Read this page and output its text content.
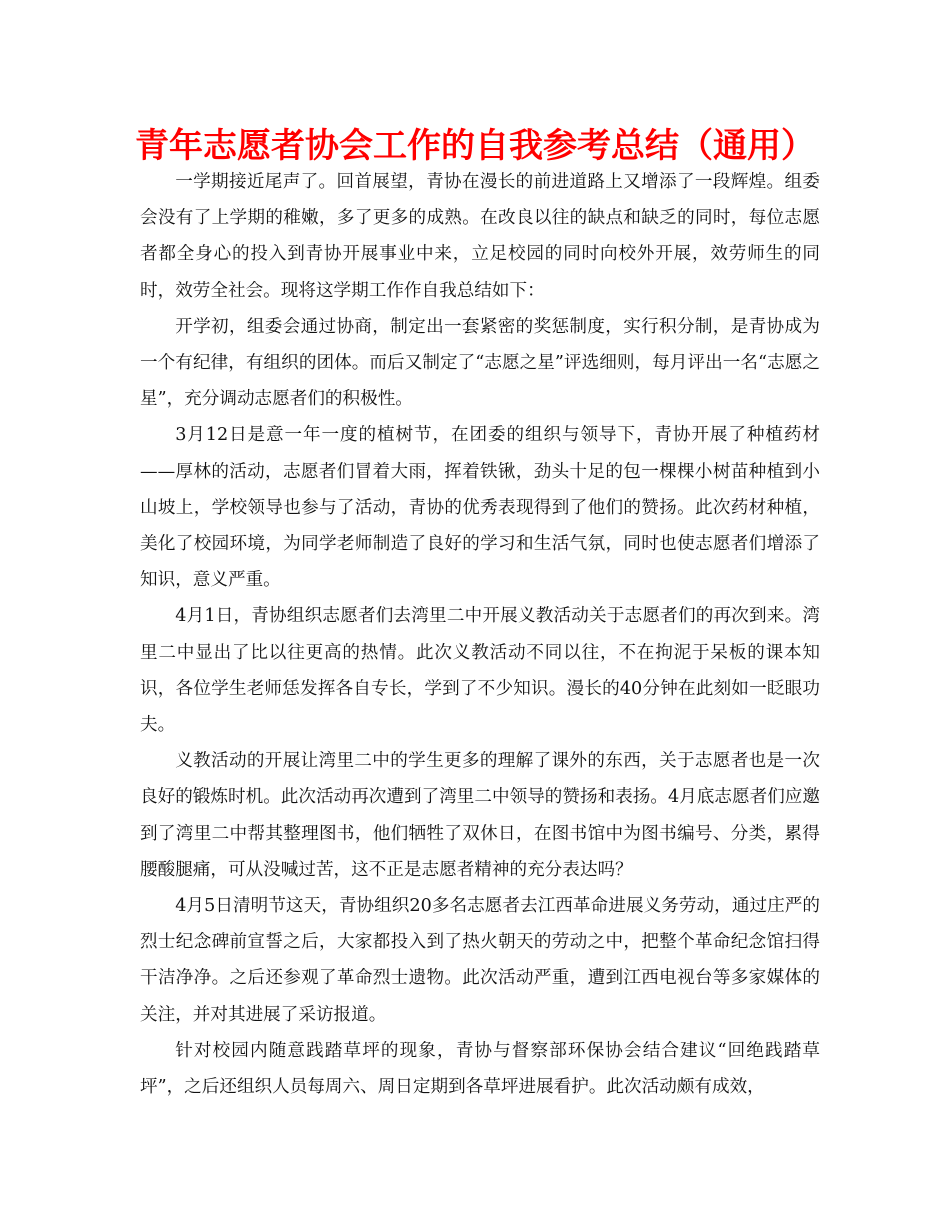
青年志愿者协会工作的自我参考总结（通用）

一学期接近尾声了。回首展望，青协在漫长的前进道路上又增添了一段辉煌。组委会没有了上学期的稚嫩，多了更多的成熟。在改良以往的缺点和缺乏的同时，每位志愿者都全身心的投入到青协开展事业中来，立足校园的同时向校外开展，效劳师生的同时，效劳全社会。现将这学期工作作自我总结如下：

开学初，组委会通过协商，制定出一套紧密的奖惩制度，实行积分制，是青协成为一个有纪律，有组织的团体。而后又制定了“志愿之星”评选细则，每月评出一名“志愿之星”，充分调动志愿者们的积极性。

3月12日是意一年一度的植树节，在团委的组织与领导下，青协开展了种植药材——厚林的活动，志愿者们冒着大雨，挥着铁锹，劲头十足的包一棵棵小树苗种植到小山坡上，学校领导也参与了活动，青协的优秀表现得到了他们的赞扬。此次药材种植，美化了校园环境，为同学老师制造了良好的学习和生活气氛，同时也使志愿者们增添了知识，意义严重。

4月1日，青协组织志愿者们去湾里二中开展义教活动关于志愿者们的再次到来。湾里二中显出了比以往更高的热情。此次义教活动不同以往，不在拘泥于呆板的课本知识，各位学生老师恁发挥各自专长，学到了不少知识。漫长的40分钟在此刻如一眨眼功夫。

义教活动的开展让湾里二中的学生更多的理解了课外的东西，关于志愿者也是一次良好的锻炼时机。此次活动再次遭到了湾里二中领导的赞扬和表扬。4月底志愿者们应邀到了湾里二中帮其整理图书，他们牺牲了双休日，在图书馆中为图书编号、分类，累得腰酸腿痛，可从没喊过苦，这不正是志愿者精神的充分表达吗？

4月5日清明节这天，青协组织20多名志愿者去江西革命进展义务劳动，通过庄严的烈士纪念碑前宣誓之后，大家都投入到了热火朝天的劳动之中，把整个革命纪念馆扫得干洁净净。之后还参观了革命烈士遗物。此次活动严重，遭到江西电视台等多家媒体的关注，并对其进展了采访报道。

针对校园内随意践踏草坪的现象，青协与督察部环保协会结合建议“回绝践踏草坪”，之后还组织人员每周六、周日定期到各草坪进展看护。此次活动颇有成效，
